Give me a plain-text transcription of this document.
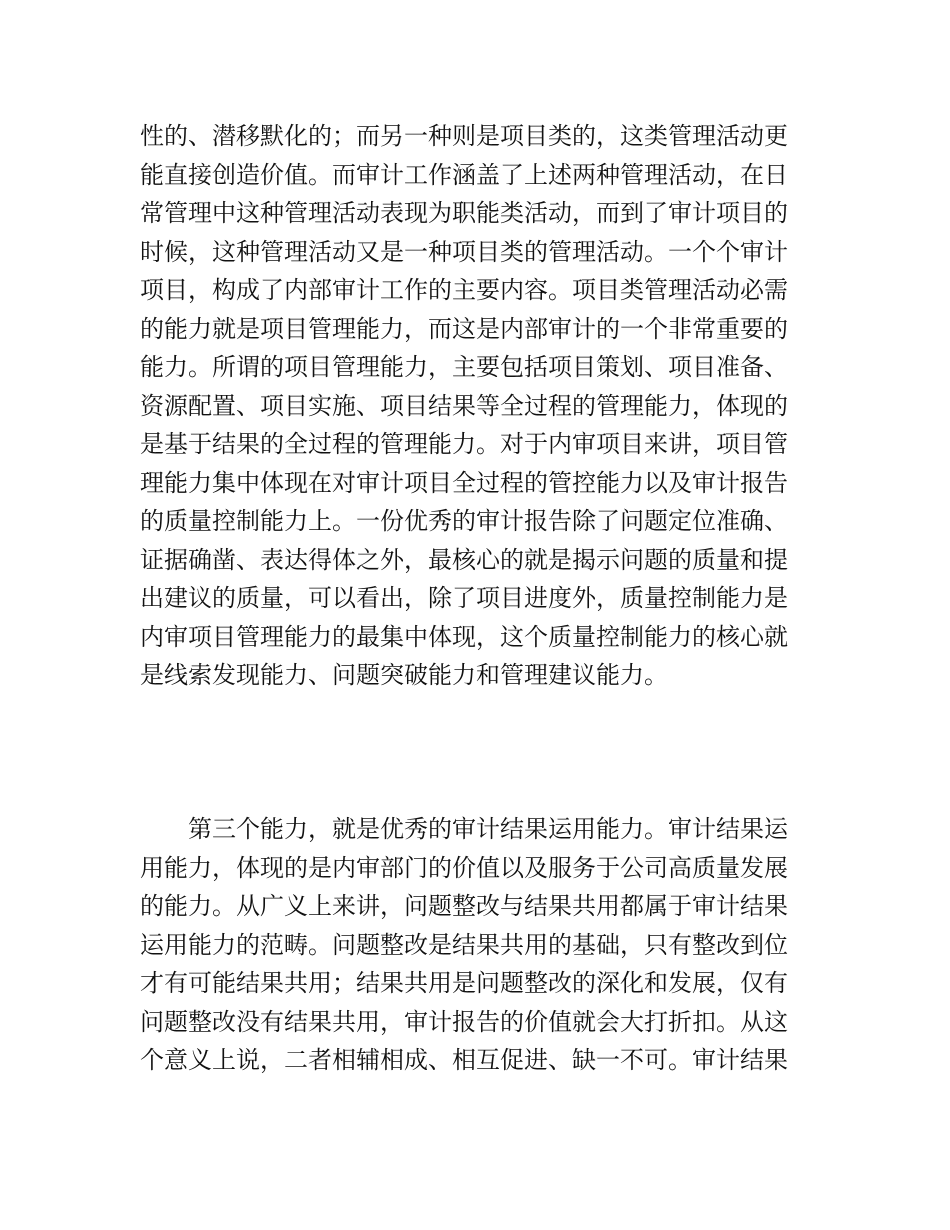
性的、潜移默化的；而另一种则是项目类的，这类管理活动更
能直接创造价值。而审计工作涵盖了上述两种管理活动，在日
常管理中这种管理活动表现为职能类活动，而到了审计项目的
时候，这种管理活动又是一种项目类的管理活动。一个个审计
项目，构成了内部审计工作的主要内容。项目类管理活动必需
的能力就是项目管理能力，而这是内部审计的一个非常重要的
能力。所谓的项目管理能力，主要包括项目策划、项目准备、
资源配置、项目实施、项目结果等全过程的管理能力，体现的
是基于结果的全过程的管理能力。对于内审项目来讲，项目管
理能力集中体现在对审计项目全过程的管控能力以及审计报告
的质量控制能力上。一份优秀的审计报告除了问题定位准确、
证据确凿、表达得体之外，最核心的就是揭示问题的质量和提
出建议的质量，可以看出，除了项目进度外，质量控制能力是
内审项目管理能力的最集中体现，这个质量控制能力的核心就
是线索发现能力、问题突破能力和管理建议能力。
第三个能力，就是优秀的审计结果运用能力。审计结果运
用能力，体现的是内审部门的价值以及服务于公司高质量发展
的能力。从广义上来讲，问题整改与结果共用都属于审计结果
运用能力的范畴。问题整改是结果共用的基础，只有整改到位
才有可能结果共用；结果共用是问题整改的深化和发展，仅有
问题整改没有结果共用，审计报告的价值就会大打折扣。从这
个意义上说，二者相辅相成、相互促进、缺一不可。审计结果
